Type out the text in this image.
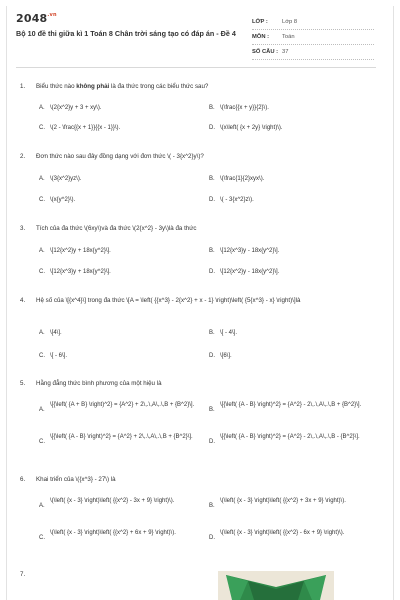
$2048^{.vn}$
Bộ 10 đề thi giữa kì 1 Toán 8 Chân trời sáng tạo có đáp án - Đề 4
LỚP :	Lớp 8
MÔN :	Toán
SỐ CÂU : 37
1. Biểu thức nào không phải là đa thức trong các biểu thức sau?
A. \(2{x^2}y + 3 + xy\).	B. \(\frac{{x + y}}{2}\).
C. \(2 - \frac{{x + 1}}{{x - 1}}\).	D. \(x\left( {x + 2y} \right)\).
2. Đơn thức nào sau đây đồng dạng với đơn thức \( - 3{x^2}y\)?
A. \(3{x^2}yz\).	B. \(\frac{1}{2}xyx\).
C. \(x{y^2}\).	D. \( - 3{x^2}z\).
3. Tích của đa thức \(6xy\)và đa thức \(2{x^2} - 3y\)là đa thức
A. \[12{x^2}y + 18x{y^2}\].	B. \[12{x^3}y - 18x{y^2}\].
C. \[12{x^3}y + 18x{y^2}\].	D. \[12{x^2}y - 18x{y^2}\].
4. Hệ số của \[{x^4}\] trong đa thức \[A = \left( {{x^3} - 2{x^2} + x - 1} \right)\left( {5{x^3} - x} \right)\]là
A. \[4\].	B. \[ - 4\].
C. \[ - 6\].	D. \[6\].
5. Hằng đẳng thức bình phương của một hiệu là
A.
\[{\left( {A + B} \right)^2} = {A^2} + 2\,.\,A\,.\,B + {B^2}\].
B.
\[{\left( {A - B} \right)^2} = {A^2} - 2\,.\,A\,.\,B + {B^2}\].
C.
\[{\left( {A - B} \right)^2} = {A^2} + 2\,.\,A\,.\,B + {B^2}\].
D.
\[{\left( {A - B} \right)^2} = {A^2} - 2\,.\,A\,.\,B - {B^2}\].
6. Khai triển của \({x^3} - 27\) là
A.
\(\left( {x - 3} \right)\left( {{x^2} - 3x + 9} \right)\).
B.
\(\left( {x - 3} \right)\left( {{x^2} + 3x + 9} \right)\).
C.
\(\left( {x - 3} \right)\left( {{x^2} + 6x + 9} \right)\).
D.
\(\left( {x - 3} \right)\left( {{x^2} - 6x + 9} \right)\).
7.
